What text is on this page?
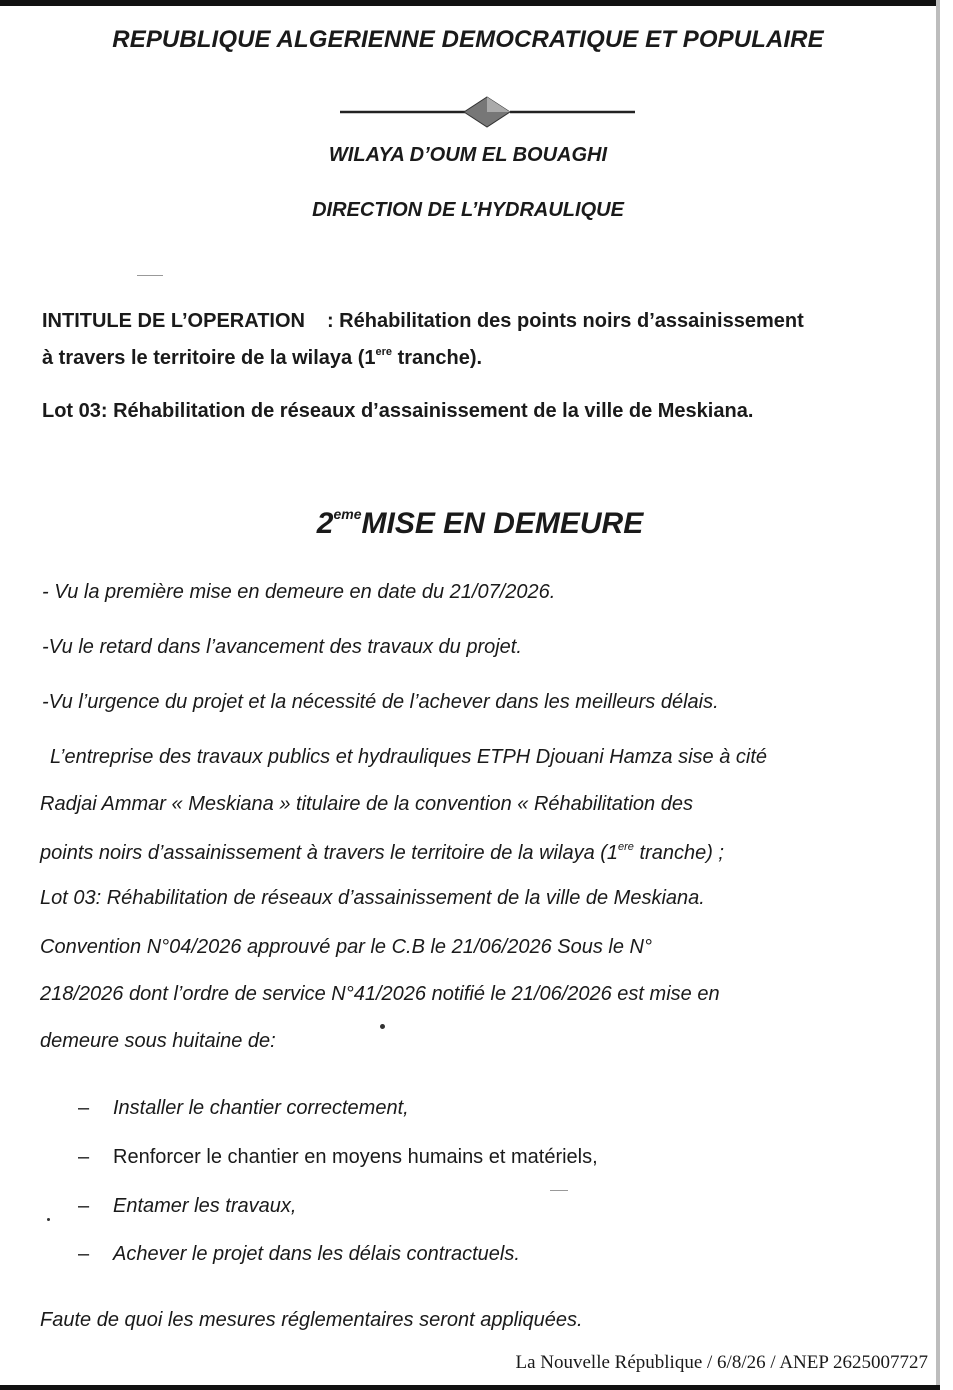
REPUBLIQUE ALGERIENNE DEMOCRATIQUE ET POPULAIRE
WILAYA D’OUM EL BOUAGHI
DIRECTION DE L’HYDRAULIQUE
INTITULE DE L’OPERATION : Réhabilitation des points noirs d’assainissement
à travers le territoire de la wilaya (1ere tranche).
Lot 03: Réhabilitation de réseaux d’assainissement de la ville de Meskiana.
2emeMISE EN DEMEURE
- Vu la première mise en demeure en date du 21/07/2026.
-Vu le retard dans l’avancement des travaux du projet.
-Vu l’urgence du projet et la nécessité de l’achever dans les meilleurs délais.
L’entreprise des travaux publics et hydrauliques ETPH Djouani Hamza sise à cité
Radjai Ammar « Meskiana » titulaire de la convention « Réhabilitation des
points noirs d’assainissement à travers le territoire de la wilaya (1ere tranche) ;
Lot 03: Réhabilitation de réseaux d’assainissement de la ville de Meskiana.
Convention N°04/2026 approuvé par le C.B le 21/06/2026 Sous le N°
218/2026 dont l’ordre de service N°41/2026 notifié le 21/06/2026 est mise en
demeure sous huitaine de:
– Installer le chantier correctement,
– Renforcer le chantier en moyens humains et matériels,
– Entamer les travaux,
– Achever le projet dans les délais contractuels.
Faute de quoi les mesures réglementaires seront appliquées.
La Nouvelle République / 6/8/26 / ANEP 2625007727
